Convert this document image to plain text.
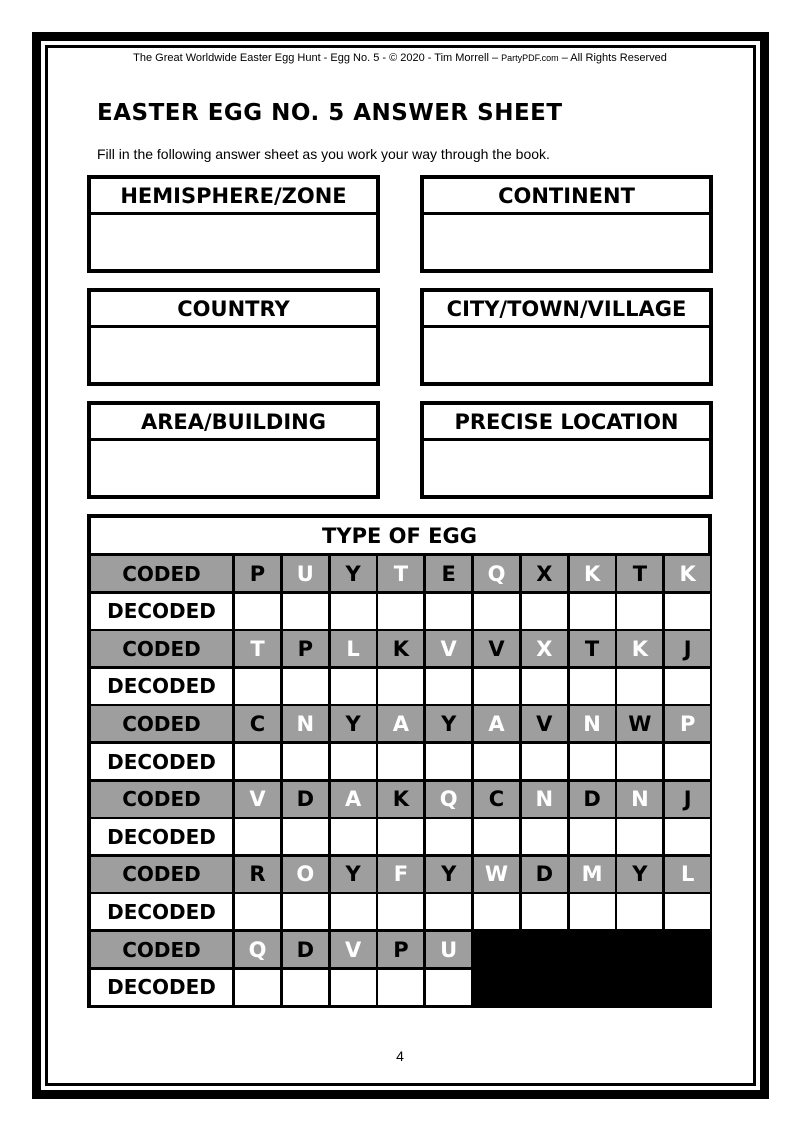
The Great Worldwide Easter Egg Hunt - Egg No. 5 - © 2020 - Tim Morrell – PartyPDF.com – All Rights Reserved
EASTER EGG NO. 5 ANSWER SHEET
Fill in the following answer sheet as you work your way through the book.
HEMISPHERE/ZONE	CONTINENT
COUNTRY	CITY/TOWN/VILLAGE
AREA/BUILDING	PRECISE LOCATION
TYPE OF EGG
CODED	P	U	Y	T	E	Q	X	K	T	K
DECODED
CODED	T	P	L	K	V	V	X	T	K	J
DECODED
CODED	C	N	Y	A	Y	A	V	N	W	P
DECODED
CODED	V	D	A	K	Q	C	N	D	N	J
DECODED
CODED	R	O	Y	F	Y	W	D	M	Y	L
DECODED
CODED	Q	D	V	P	U
DECODED
4
